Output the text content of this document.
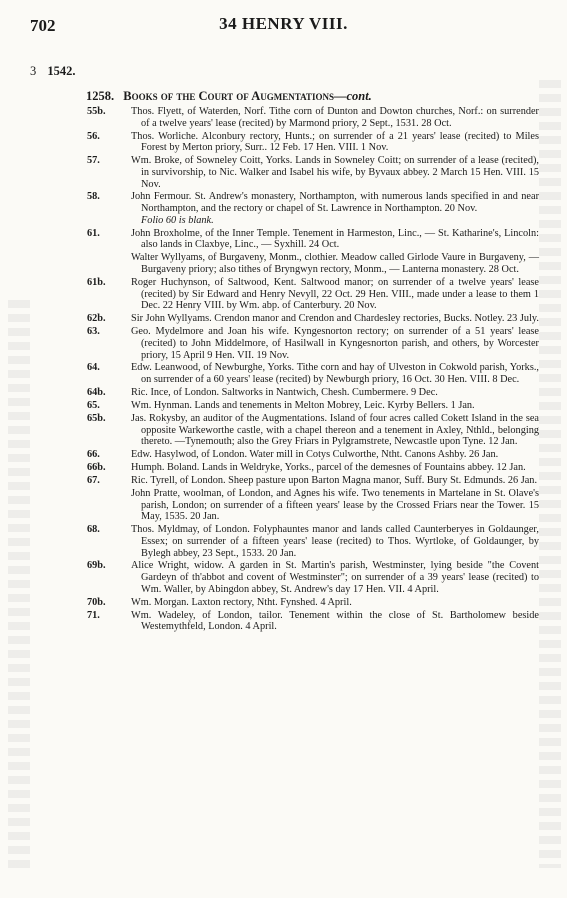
702	34 HENRY VIII.
3 1542.
1258. Books of the Court of Augmentations—cont.
55b.	Thos. Flyett, of Waterden, Norf. Tithe corn of Dunton and Dowton churches, Norf.: on surrender of a twelve years' lease (recited) by Marmond priory, 2 Sept., 1531. 28 Oct.
56.	Thos. Worliche. Alconbury rectory, Hunts.; on surrender of a 21 years' lease (recited) to Miles Forest by Merton priory, Surr.. 12 Feb. 17 Hen. VIII. 1 Nov.
57.	Wm. Broke, of Sowneley Coitt, Yorks. Lands in Sowneley Coitt; on surrender of a lease (recited), in survivorship, to Nic. Walker and Isabel his wife, by Byvaux abbey. 2 March 15 Hen. VIII. 15 Nov.
58.	John Fermour. St. Andrew's monastery, Northampton, with numerous lands specified in and near Northampton, and the rectory or chapel of St. Lawrence in Northampton. 20 Nov.
Folio 60 is blank.
61.	John Broxholme, of the Inner Temple. Tenement in Harmeston, Linc., — St. Katharine's, Lincoln: also lands in Claxbye, Linc., — Syxhill. 24 Oct.
Walter Wyllyams, of Burgaveny, Monm., clothier. Meadow called Girlode Vaure in Burgaveny, — Burgaveny priory; also tithes of Bryngwyn rectory, Monm., — Lanterna monastery. 28 Oct.
61b.	Roger Huchynson, of Saltwood, Kent. Saltwood manor; on surrender of a twelve years' lease (recited) by Sir Edward and Henry Nevyll, 22 Oct. 29 Hen. VIII., made under a lease to them 1 Dec. 22 Henry VIII. by Wm. abp. of Canterbury. 20 Nov.
62b.	Sir John Wyllyams. Crendon manor and Crendon and Chardesley rectories, Bucks. Notley. 23 July.
63.	Geo. Mydelmore and Joan his wife. Kyngesnorton rectory; on surrender of a 51 years' lease (recited) to John Middelmore, of Hasilwall in Kyngesnorton parish, and others, by Worcester priory, 15 April 9 Hen. VII. 19 Nov.
64.	Edw. Leanwood, of Newburghe, Yorks. Tithe corn and hay of Ulveston in Cokwold parish, Yorks., on surrender of a 60 years' lease (recited) by Newburgh priory, 16 Oct. 30 Hen. VIII. 8 Dec.
64b.	Ric. Ince, of London. Saltworks in Nantwich, Chesh. Cumbermere. 9 Dec.
65.	Wm. Hynman. Lands and tenements in Melton Mobrey, Leic. Kyrby Bellers. 1 Jan.
65b.	Jas. Rokysby, an auditor of the Augmentations. Island of four acres called Cokett Island in the sea opposite Warkeworthe castle, with a chapel thereon and a tenement in Axley, Nthld., belonging thereto. —Tynemouth; also the Grey Friars in Pylgramstrete, Newcastle upon Tyne. 12 Jan.
66.	Edw. Hasylwod, of London. Water mill in Cotys Culworthe, Ntht. Canons Ashby. 26 Jan.
66b.	Humph. Boland. Lands in Weldryke, Yorks., parcel of the demesnes of Fountains abbey. 12 Jan.
67.	Ric. Tyrell, of London. Sheep pasture upon Barton Magna manor, Suff. Bury St. Edmunds. 26 Jan.
John Pratte, woolman, of London, and Agnes his wife. Two tenements in Martelane in St. Olave's parish, London; on surrender of a fifteen years' lease by the Crossed Friars near the Tower. 15 May, 1535. 20 Jan.
68.	Thos. Myldmay, of London. Folyphauntes manor and lands called Caunterberyes in Goldaunger, Essex; on surrender of a fifteen years' lease (recited) to Thos. Wyrtloke, of Goldaunger, by Bylegh abbey, 23 Sept., 1533. 20 Jan.
69b.	Alice Wright, widow. A garden in St. Martin's parish, Westminster, lying beside "the Covent Gardeyn of th'abbot and covent of Westminster"; on surrender of a 39 years' lease (recited) to Wm. Waller, by Abingdon abbey, St. Andrew's day 17 Hen. VII. 4 April.
70b.	Wm. Morgan. Laxton rectory, Ntht. Fynshed. 4 April.
71.	Wm. Wadeley, of London, tailor. Tenement within the close of St. Bartholomew beside Westemythfeld, London. 4 April.
